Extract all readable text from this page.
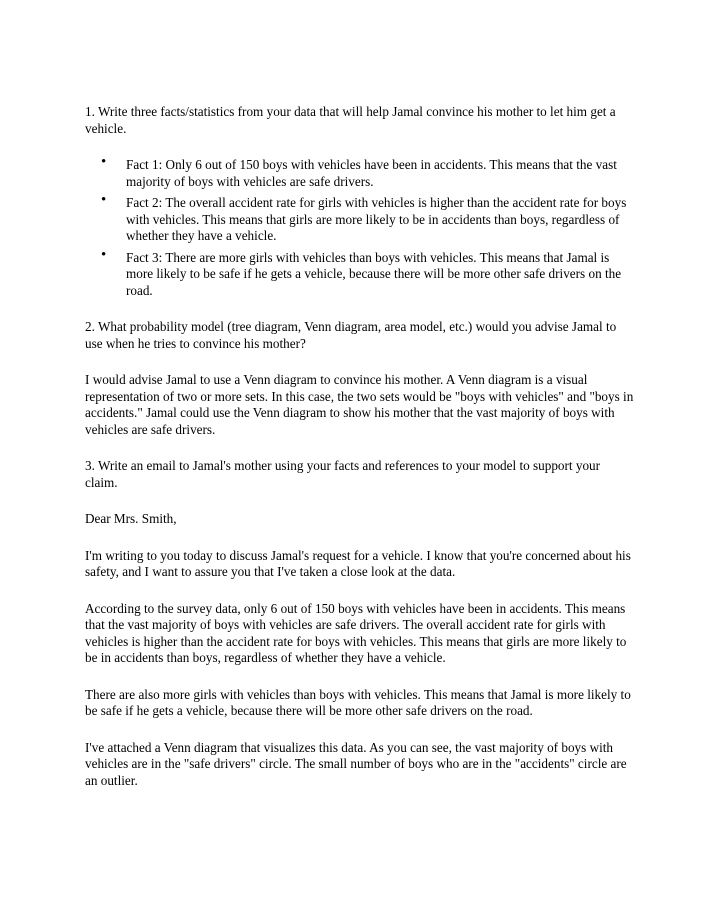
1. Write three facts/statistics from your data that will help Jamal convince his mother to let him get a vehicle.

• Fact 1: Only 6 out of 150 boys with vehicles have been in accidents. This means that the vast majority of boys with vehicles are safe drivers.
• Fact 2: The overall accident rate for girls with vehicles is higher than the accident rate for boys with vehicles. This means that girls are more likely to be in accidents than boys, regardless of whether they have a vehicle.
• Fact 3: There are more girls with vehicles than boys with vehicles. This means that Jamal is more likely to be safe if he gets a vehicle, because there will be more other safe drivers on the road.

2. What probability model (tree diagram, Venn diagram, area model, etc.) would you advise Jamal to use when he tries to convince his mother?

I would advise Jamal to use a Venn diagram to convince his mother. A Venn diagram is a visual representation of two or more sets. In this case, the two sets would be "boys with vehicles" and "boys in accidents." Jamal could use the Venn diagram to show his mother that the vast majority of boys with vehicles are safe drivers.

3. Write an email to Jamal's mother using your facts and references to your model to support your claim.

Dear Mrs. Smith,

I'm writing to you today to discuss Jamal's request for a vehicle. I know that you're concerned about his safety, and I want to assure you that I've taken a close look at the data.

According to the survey data, only 6 out of 150 boys with vehicles have been in accidents. This means that the vast majority of boys with vehicles are safe drivers. The overall accident rate for girls with vehicles is higher than the accident rate for boys with vehicles. This means that girls are more likely to be in accidents than boys, regardless of whether they have a vehicle.

There are also more girls with vehicles than boys with vehicles. This means that Jamal is more likely to be safe if he gets a vehicle, because there will be more other safe drivers on the road.

I've attached a Venn diagram that visualizes this data. As you can see, the vast majority of boys with vehicles are in the "safe drivers" circle. The small number of boys who are in the "accidents" circle are an outlier.
